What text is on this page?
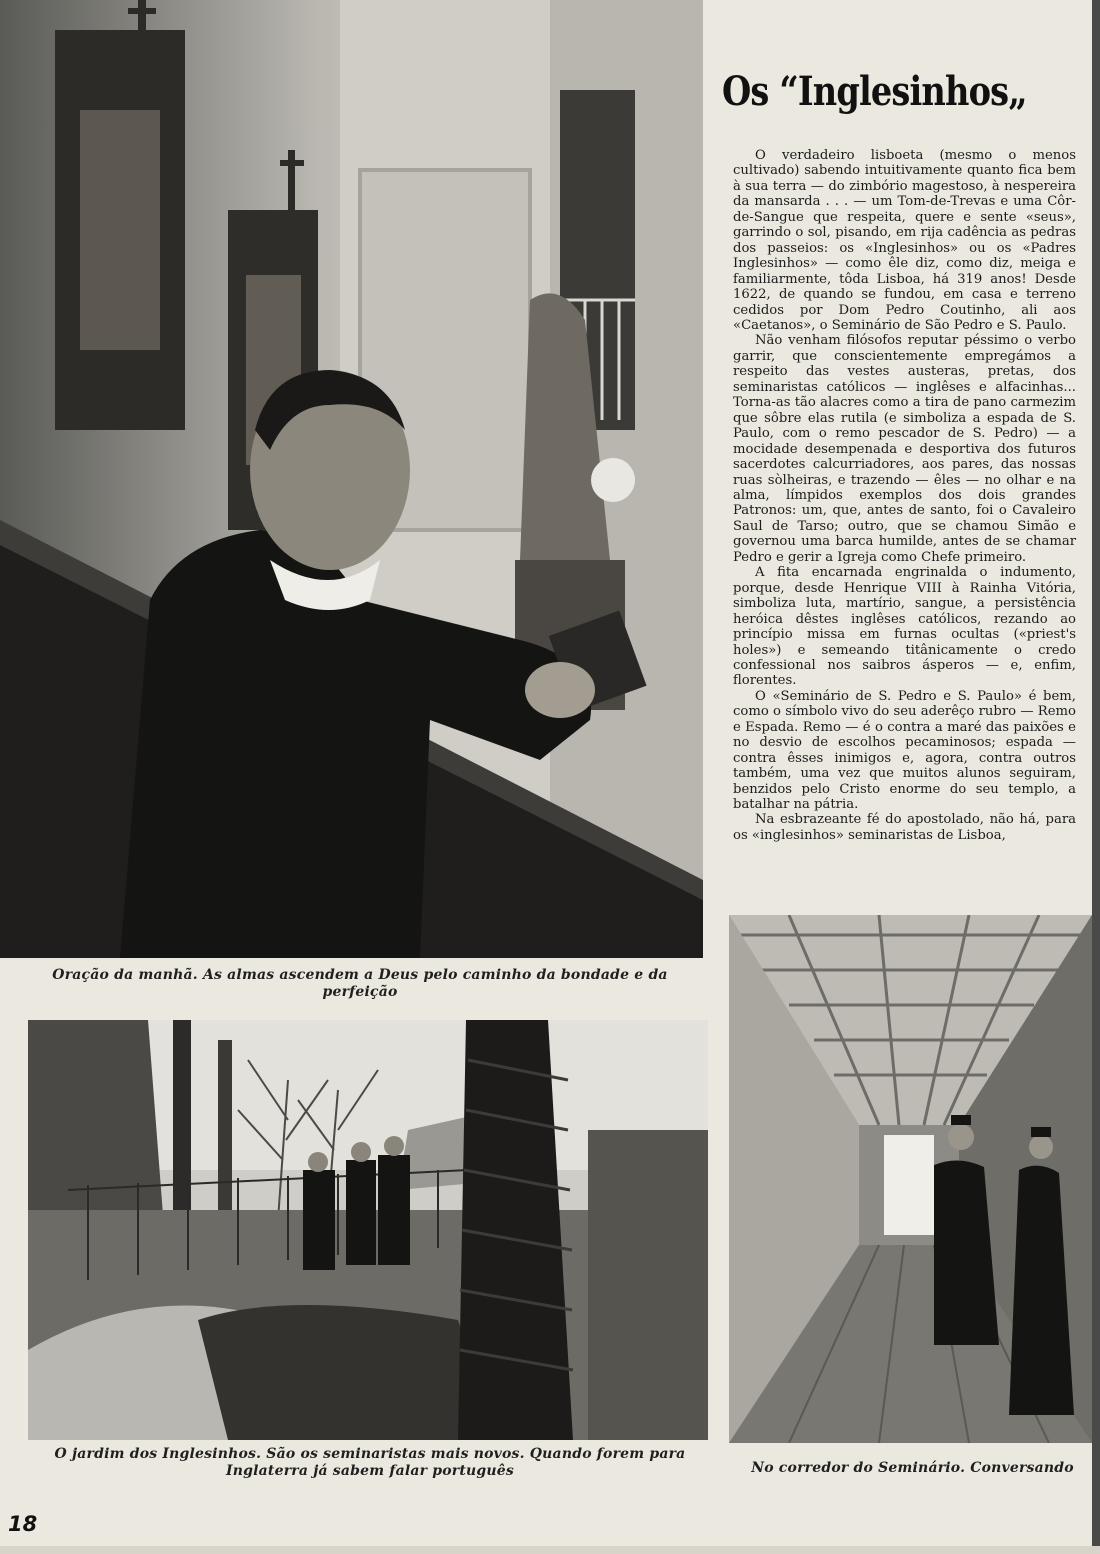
Oração da manhã. As almas ascendem a Deus pelo caminho da bondade e da perfeição
Os “Inglesinhos„

O verdadeiro lisboeta (mesmo o menos cultivado) sabendo intuitivamente quanto fica bem à sua terra — do zimbório magestoso, à nespereira da mansarda . . . — um Tom-de-Trevas e uma Côr-de-Sangue que respeita, quere e sente «seus», garrindo o sol, pisando, em rija cadência as pedras dos passeios: os «Inglesinhos» ou os «Padres Inglesinhos» — como êle diz, como diz, meiga e familiarmente, tôda Lisboa, há 319 anos! Desde 1622, de quando se fundou, em casa e terreno cedidos por Dom Pedro Coutinho, ali aos «Caetanos», o Seminário de São Pedro e S. Paulo.

Não venham filósofos reputar péssimo o verbo garrir, que conscientemente empregámos a respeito das vestes austeras, pretas, dos seminaristas católicos — inglêses e alfacinhas... Torna-as tão alacres como a tira de pano carmezim que sôbre elas rutila (e simboliza a espada de S. Paulo, com o remo pescador de S. Pedro) — a mocidade desempenada e desportiva dos futuros sacerdotes calcurriadores, aos pares, das nossas ruas sòlheiras, e trazendo — êles — no olhar e na alma, límpidos exemplos dos dois grandes Patronos: um, que, antes de santo, foi o Cavaleiro Saul de Tarso; outro, que se chamou Simão e governou uma barca humilde, antes de se chamar Pedro e gerir a Igreja como Chefe primeiro.

A fita encarnada engrinalda o indumento, porque, desde Henrique VIII à Rainha Vitória, simboliza luta, martírio, sangue, a persistência heróica dêstes inglêses católicos, rezando ao princípio missa em furnas ocultas («priest's holes») e semeando titânicamente o credo confessional nos saibros ásperos — e, enfim, florentes.

O «Seminário de S. Pedro e S. Paulo» é bem, como o símbolo vivo do seu aderêço rubro — Remo e Espada. Remo — é o contra a maré das paixões e no desvio de escolhos pecaminosos; espada — contra êsses inimigos e, agora, contra outros também, uma vez que muitos alunos seguiram, benzidos pelo Cristo enorme do seu templo, a batalhar na pátria.

Na esbrazeante fé do apostolado, não há, para os «inglesinhos» seminaristas de Lisboa,

O jardim dos Inglesinhos. São os seminaristas mais novos. Quando forem para Inglaterra já sabem falar português	No corredor do Seminário. Conversando
18
